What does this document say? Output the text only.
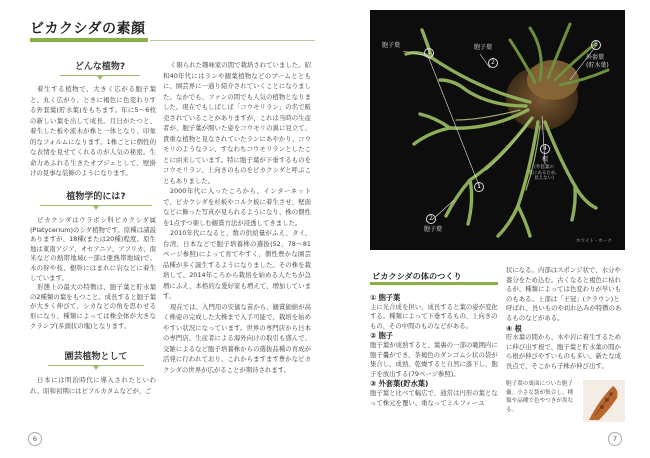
ビカクシダの素顔
どんな植物?
着生する植物で、大きく広がる胞子葉と、丸く広がり、ときに褐色に色変わりする外套葉(貯水葉)をもちます。年に5〜6枚の新しい葉を出して成長。月日がたつと、着生した板や流木が株と一体となり、印象的なフォルムになります。1株ごとに個性的な表情を見せてくれるのが人気の秘密。生命力あふれる生きたオブジェとして、壁掛けの見事な装飾のようになります。
植物学的には?
ビカクシダはウラボシ科ビカクシダ属(Platycerium)のシダ植物です。原種は諸説ありますが、18種(または20種)程度。原生地は東南アジア、オセアニア、アフリカ、南米などの熱帯地域(一部は亜熱帯地域)で、木の幹や枝、樹幹にはまれに岩などに着生しています。
形態上の最大の特徴は、胞子葉と貯水葉の2種類の葉をもつこと。成長すると胞子葉が大きく伸びて、シカなどの角を思わせる形になり、種類によっては株全体が大きなクランプ(多頭状の塊)となります。
園芸植物として
日本には明治時代に導入されたといわれ、昭和初期にはビフルカタムなどが、ご
く限られた趣味家の間で栽培されていました。昭和40年代にはランや観葉植物などのブームとともに、園芸界に一通り紹介されていくことになりました。なかでも、ファンの間でも人気の植物となりました。現在でもしばしば「コウモリラン」の名で販売されていることがありますが、これは当時の生産者が、胞子葉が開いた姿をコウモリの翼に見立て、貴重な植物と見なされていたランにあやかり、コウモリのようなラン、すなわちコウモリランとしたことに由来しています。特に胞子葉が下垂するものをコウモリラン、上向きのものをビカクシダと呼ぶこともありました。
2000年代に入ったころから、インターネットで、ビカクシダを杉板やコルク板に着生させ、壁面などに飾った写真が見られるようになり、株の個性を1点ずつ楽しむ観賞方法が浸透してきました。
2010年代になると、数の供給量がふえ、タイ、台湾、日本などで胞子培養株の選抜(52、78〜81ページ参照)によって育てやすく、個性豊かな園芸品種が多く誕生するようになりました。その株を栽培して、2014年ころから栽培を始める人たちが急増にふえ、本格的な愛好家も増えて、増加しています。
現在では、入門用の安価な苗から、観賞価値が高く株姿の完成した大株まで入手可能で、栽培を始めやすい状況になっています。世界の専門店から日本の専門店、生産者による海外向けの取引も盛んで、交雑によるなど胞子培養株からの選抜品種の育成が活発に行われており、これからますます豊かなビカクシダの世界が広がることが期待されます。
6
胞子葉
1
胞子葉
2
3
外套葉
(貯水葉)
4
根
(外套葉の
裏にあるため、
見えない)
1
2
胞子葉
ホワイト・ホーク
ビカクシダの体のつくり
① 胞子葉
主に光合成を担い、成長すると葉の姿が変化する。種類によって下垂するもの、上向きのもの、その中間のものなどがある。
② 胞子
胞子葉が成熟すると、葉裏の一部の範囲内に胞子嚢ができ、茶褐色のダンゴムシ状の袋が集合し、成熟、乾燥すると自然に落下し、胞子を放出する(79ページ参照)。
③ 外套葉(貯水葉)
胞子葉と比べて幅広で、通常は円形の葉となって株元を覆い、重なってミルフィーユ
状になる。内部はスポンジ状で、水分や養分をため込む。古くなると褐色に枯れるが、種類によっては色変わりが早いものもある。上部は「王冠」(クラウン)と呼ばれ、長いものや切れ込みが特徴のあるものなどがある。
④ 根
貯水葉の間から、木や岩に着生するために伸び出す根で、胞子葉と貯水葉の間から根が伸びやすいものも多い。新たな成長点で、そこから子株が伸び出す。
胞子葉の裏面についた胞子嚢。小さな袋が集合し、種類や品種で色やつきが異なる。
7
